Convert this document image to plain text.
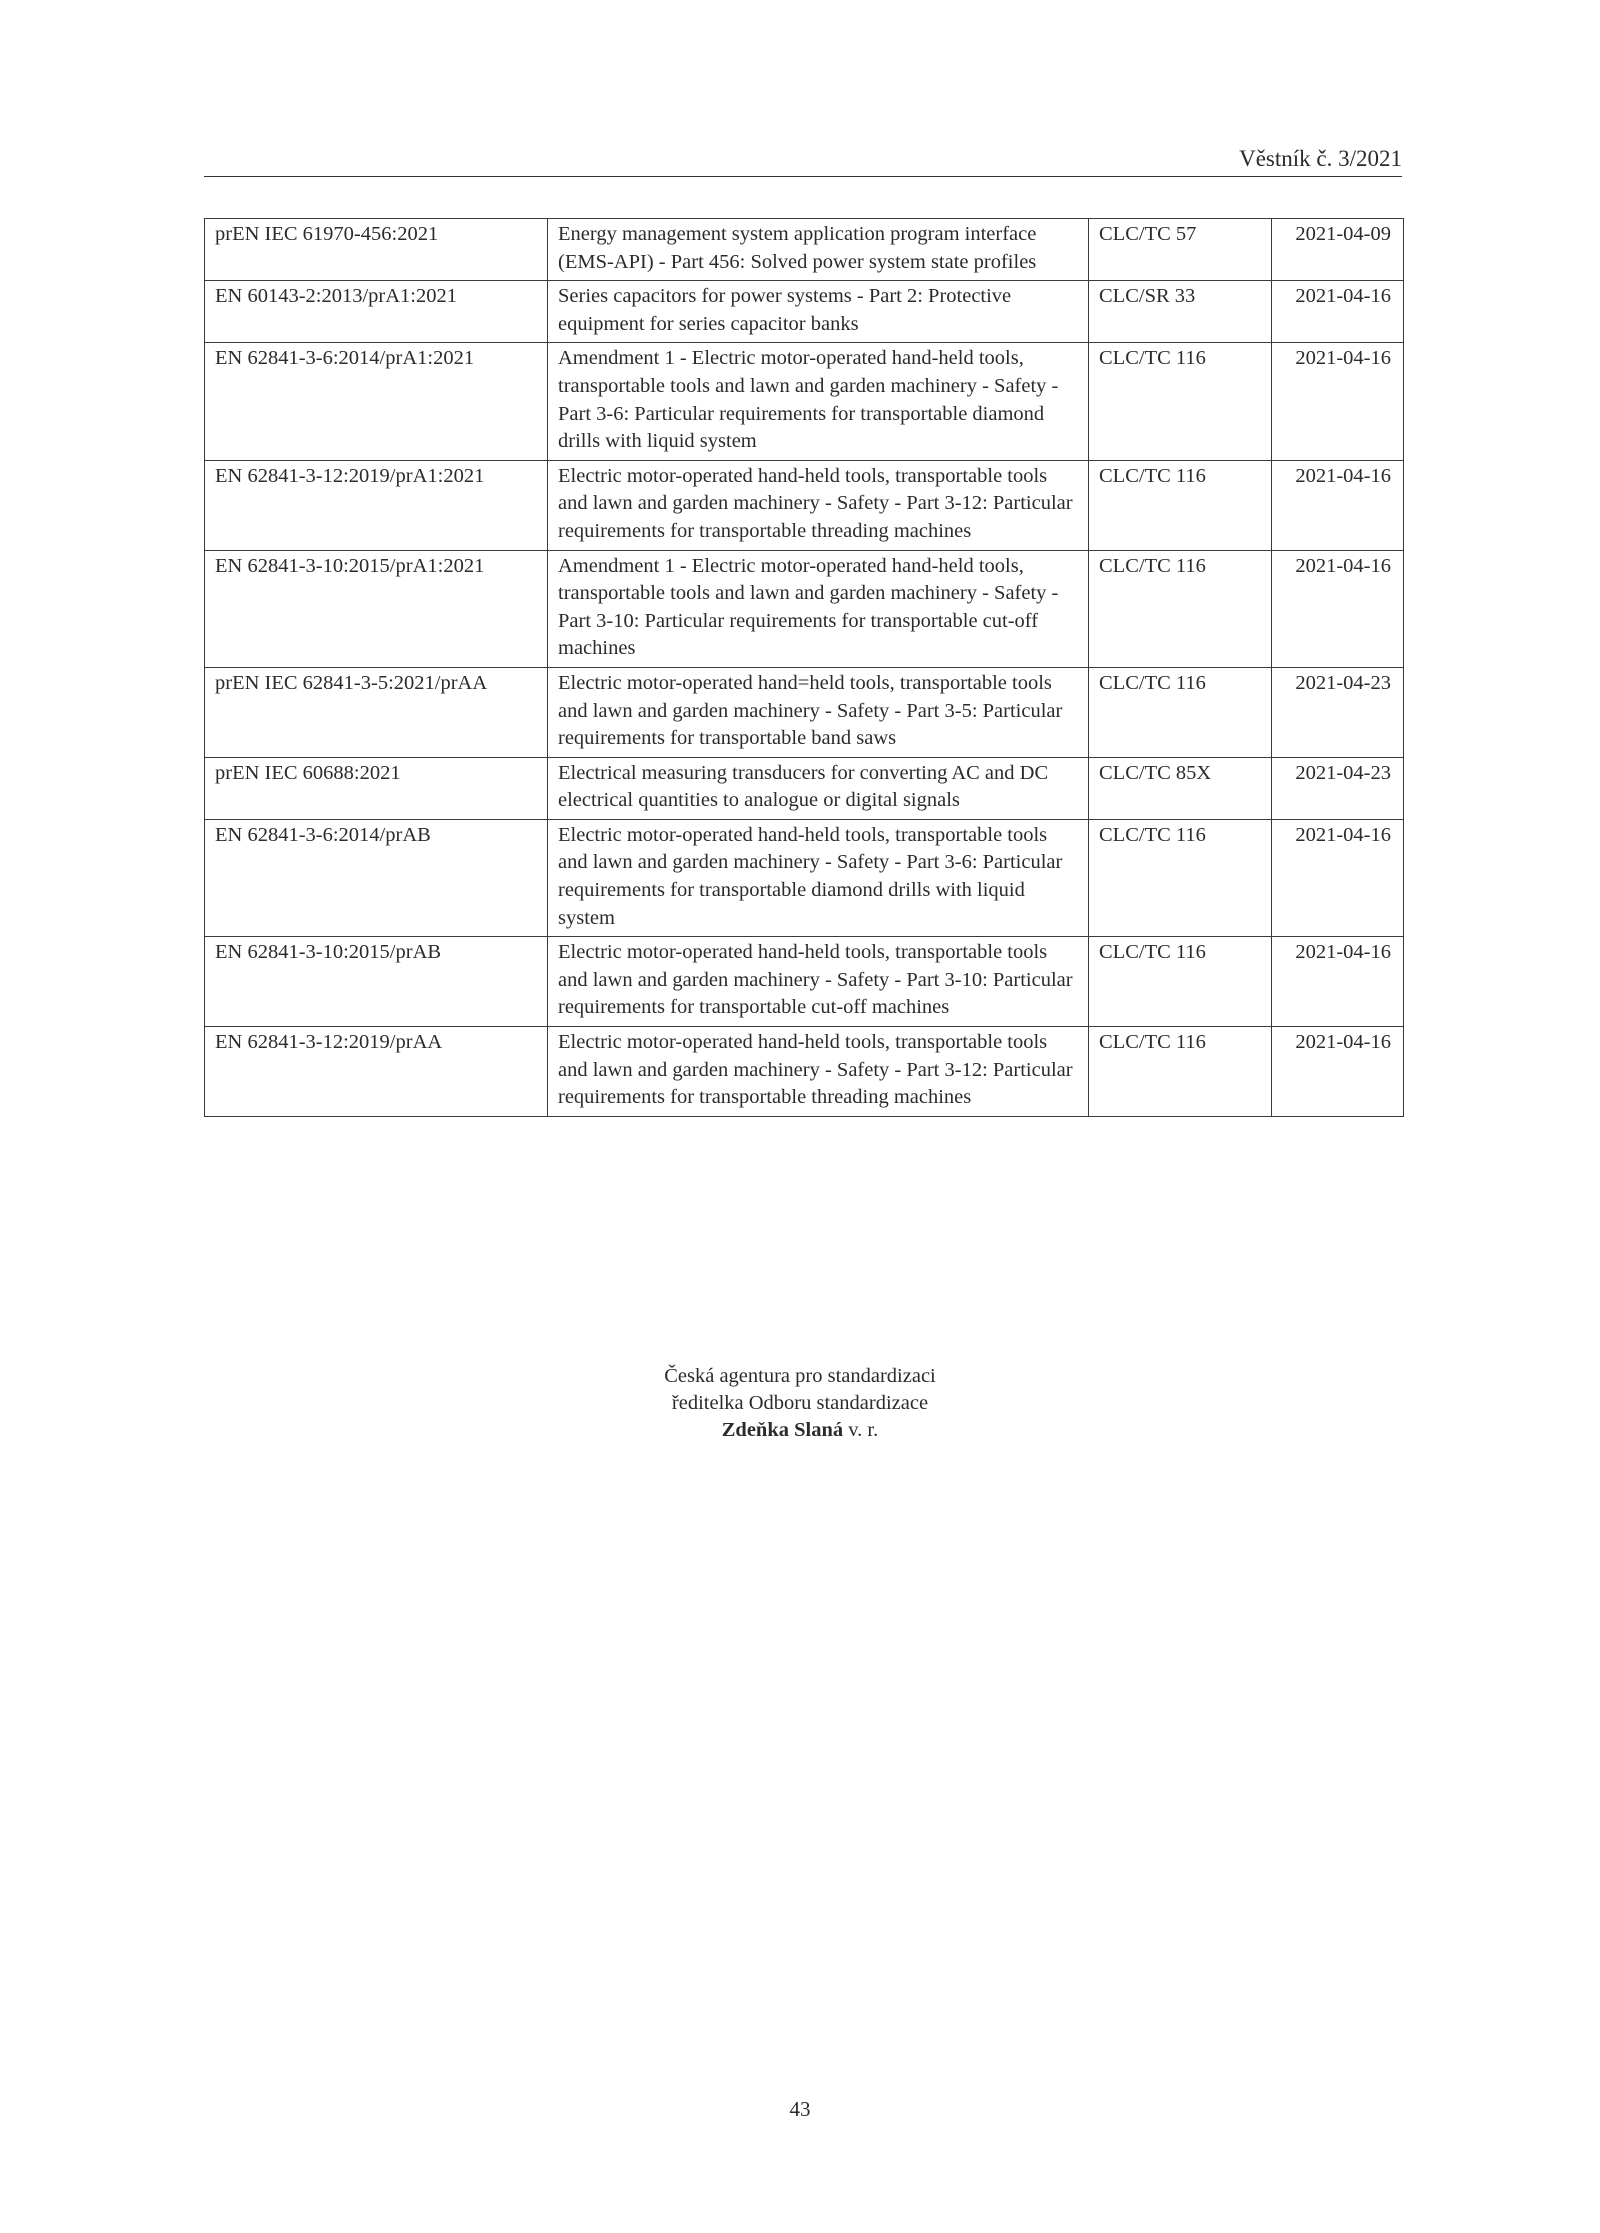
Věstník č. 3/2021
prEN IEC 61970-456:2021	Energy management system application program interface (EMS-API) - Part 456: Solved power system state profiles	CLC/TC 57	2021-04-09
EN 60143-2:2013/prA1:2021	Series capacitors for power systems - Part 2: Protective equipment for series capacitor banks	CLC/SR 33	2021-04-16
EN 62841-3-6:2014/prA1:2021	Amendment 1 - Electric motor-operated hand-held tools, transportable tools and lawn and garden machinery - Safety - Part 3-6: Particular requirements for transportable diamond drills with liquid system	CLC/TC 116	2021-04-16
EN 62841-3-12:2019/prA1:2021	Electric motor-operated hand-held tools, transportable tools and lawn and garden machinery - Safety - Part 3-12: Particular requirements for transportable threading machines	CLC/TC 116	2021-04-16
EN 62841-3-10:2015/prA1:2021	Amendment 1 - Electric motor-operated hand-held tools, transportable tools and lawn and garden machinery - Safety - Part 3-10: Particular requirements for transportable cut-off machines	CLC/TC 116	2021-04-16
prEN IEC 62841-3-5:2021/prAA	Electric motor-operated hand=held tools, transportable tools and lawn and garden machinery - Safety - Part 3-5: Particular requirements for transportable band saws	CLC/TC 116	2021-04-23
prEN IEC 60688:2021	Electrical measuring transducers for converting AC and DC electrical quantities to analogue or digital signals	CLC/TC 85X	2021-04-23
EN 62841-3-6:2014/prAB	Electric motor-operated hand-held tools, transportable tools and lawn and garden machinery - Safety - Part 3-6: Particular requirements for transportable diamond drills with liquid system	CLC/TC 116	2021-04-16
EN 62841-3-10:2015/prAB	Electric motor-operated hand-held tools, transportable tools and lawn and garden machinery - Safety - Part 3-10: Particular requirements for transportable cut-off machines	CLC/TC 116	2021-04-16
EN 62841-3-12:2019/prAA	Electric motor-operated hand-held tools, transportable tools and lawn and garden machinery - Safety - Part 3-12: Particular requirements for transportable threading machines	CLC/TC 116	2021-04-16
Česká agentura pro standardizaci
ředitelka Odboru standardizace
Zdeňka Slaná v. r.
43
